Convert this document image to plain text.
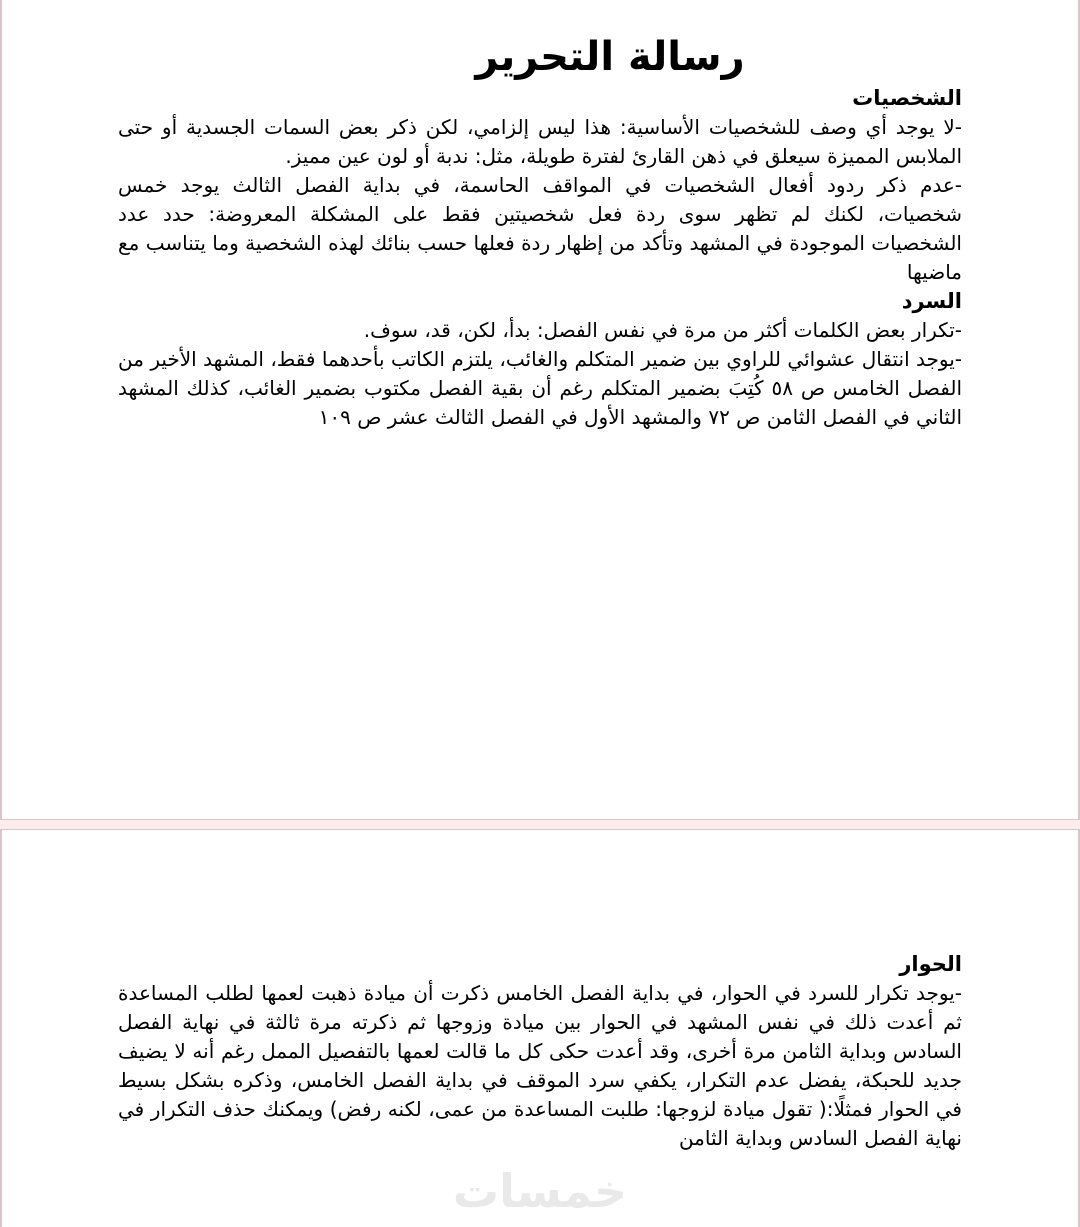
رسالة التحرير
الشخصيات

-لا يوجد أي وصف للشخصيات الأساسية: هذا ليس إلزامي، لكن ذكر بعض السمات الجسدية أو حتى الملابس المميزة سيعلق في ذهن القارئ لفترة طويلة، مثل: ندبة أو لون عين مميز.

-عدم ذكر ردود أفعال الشخصيات في المواقف الحاسمة، في بداية الفصل الثالث يوجد خمس شخصيات، لكنك لم تظهر سوى ردة فعل شخصيتين فقط على المشكلة المعروضة: حدد عدد الشخصيات الموجودة في المشهد وتأكد من إظهار ردة فعلها حسب بنائك لهذه الشخصية وما يتناسب مع ماضيها

السرد

-تكرار بعض الكلمات أكثر من مرة في نفس الفصل: بدأ، لكن، قد، سوف.

-يوجد انتقال عشوائي للراوي بين ضمير المتكلم والغائب، يلتزم الكاتب بأحدهما فقط، المشهد الأخير من الفصل الخامس ص ٥٨ كُتِبَ بضمير المتكلم رغم أن بقية الفصل مكتوب بضمير الغائب، كذلك المشهد الثاني في الفصل الثامن ص ٧٢ والمشهد الأول في الفصل الثالث عشر ص ١٠٩

الحوار

-يوجد تكرار للسرد في الحوار، في بداية الفصل الخامس ذكرت أن ميادة ذهبت لعمها لطلب المساعدة ثم أعدت ذلك في نفس المشهد في الحوار بين ميادة وزوجها ثم ذكرته مرة ثالثة في نهاية الفصل السادس وبداية الثامن مرة أخرى، وقد أعدت حكى كل ما قالت لعمها بالتفصيل الممل رغم أنه لا يضيف جديد للحبكة، يفضل عدم التكرار، يكفي سرد الموقف في بداية الفصل الخامس، وذكره بشكل بسيط في الحوار فمثلًا:( تقول ميادة لزوجها: طلبت المساعدة من عمى، لكنه رفض) ويمكنك حذف التكرار في نهاية الفصل السادس وبداية الثامن

خمسات
